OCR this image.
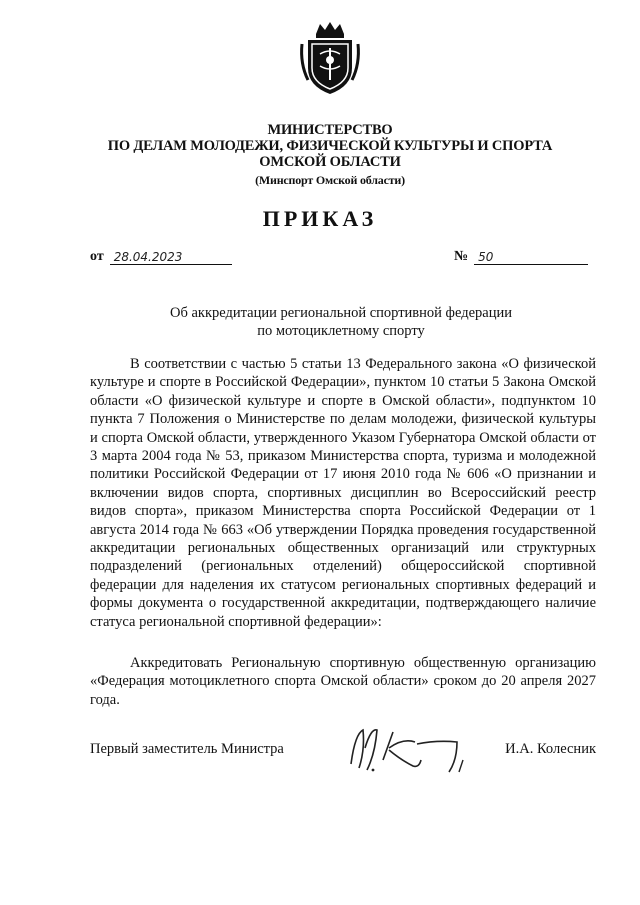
МИНИСТЕРСТВО
ПО ДЕЛАМ МОЛОДЕЖИ, ФИЗИЧЕСКОЙ КУЛЬТУРЫ И СПОРТА
ОМСКОЙ ОБЛАСТИ
(Минспорт Омской области)
ПРИКАЗ
от 28.04.2023	№ 50
Об аккредитации региональной спортивной федерации
по мотоциклетному спорту

В соответствии с частью 5 статьи 13 Федерального закона «О физической культуре и спорте в Российской Федерации», пунктом 10 статьи 5 Закона Омской области «О физической культуре и спорте в Омской области», подпунктом 10 пункта 7 Положения о Министерстве по делам молодежи, физической культуры и спорта Омской области, утвержденного Указом Губернатора Омской области от 3 марта 2004 года № 53, приказом Министерства спорта, туризма и молодежной политики Российской Федерации от 17 июня 2010 года № 606 «О признании и включении видов спорта, спортивных дисциплин во Всероссийский реестр видов спорта», приказом Министерства спорта Российской Федерации от 1 августа 2014 года № 663 «Об утверждении Порядка проведения государственной аккредитации региональных общественных организаций или структурных подразделений (региональных отделений) общероссийской спортивной федерации для наделения их статусом региональных спортивных федераций и формы документа о государственной аккредитации, подтверждающего наличие статуса региональной спортивной федерации»:

Аккредитовать Региональную спортивную общественную организацию «Федерация мотоциклетного спорта Омской области» сроком до 20 апреля 2027 года.

Первый заместитель Министра	И.А. Колесник
